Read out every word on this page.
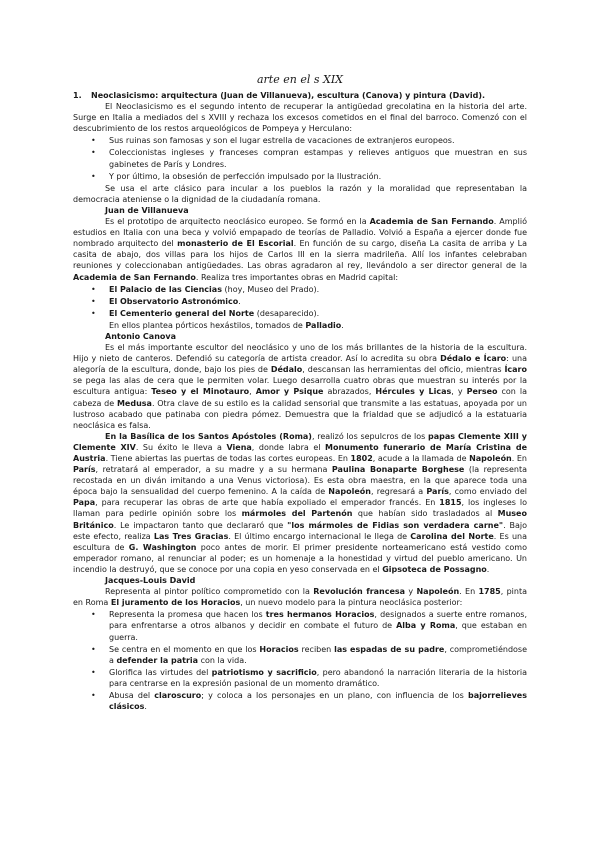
arte en el s XIX

1. Neoclasicismo: arquitectura (Juan de Villanueva), escultura (Canova) y pintura (David).

El Neoclasicismo es el segundo intento de recuperar la antigüedad grecolatina en la historia del arte. Surge en Italia a mediados del s XVIII y rechaza los excesos cometidos en el final del barroco. Comenzó con el descubrimiento de los restos arqueológicos de Pompeya y Herculano:

• Sus ruinas son famosas y son el lugar estrella de vacaciones de extranjeros europeos.
• Coleccionistas ingleses y franceses compran estampas y relieves antiguos que muestran en sus gabinetes de París y Londres.
• Y por último, la obsesión de perfección impulsado por la Ilustración.

Se usa el arte clásico para incular a los pueblos la razón y la moralidad que representaban la democracia ateniense o la dignidad de la ciudadanía romana.

Juan de Villanueva

Es el prototipo de arquitecto neoclásico europeo. Se formó en la Academia de San Fernando. Amplió estudios en Italia con una beca y volvió empapado de teorías de Palladio. Volvió a España a ejercer donde fue nombrado arquitecto del monasterio de El Escorial. En función de su cargo, diseña La casita de arriba y La casita de abajo, dos villas para los hijos de Carlos III en la sierra madrileña. Allí los infantes celebraban reuniones y coleccionaban antigüedades. Las obras agradaron al rey, llevándolo a ser director general de la Academia de San Fernando. Realiza tres importantes obras en Madrid capital:

• El Palacio de las Ciencias (hoy, Museo del Prado).
• El Observatorio Astronómico.
• El Cementerio general del Norte (desaparecido).

En ellos plantea pórticos hexástilos, tomados de Palladio.

Antonio Canova

Es el más importante escultor del neoclásico y uno de los más brillantes de la historia de la escultura. Hijo y nieto de canteros. Defendió su categoría de artista creador. Así lo acredita su obra Dédalo e Ícaro: una alegoría de la escultura, donde, bajo los pies de Dédalo, descansan las herramientas del oficio, mientras Ícaro se pega las alas de cera que le permiten volar. Luego desarrolla cuatro obras que muestran su interés por la escultura antigua: Teseo y el Minotauro, Amor y Psique abrazados, Hércules y Licas, y Perseo con la cabeza de Medusa. Otra clave de su estilo es la calidad sensorial que transmite a las estatuas, apoyada por un lustroso acabado que patinaba con piedra pómez. Demuestra que la frialdad que se adjudicó a la estatuaria neoclásica es falsa.

En la Basílica de los Santos Apóstoles (Roma), realizó los sepulcros de los papas Clemente XIII y Clemente XIV. Su éxito le lleva a Viena, donde labra el Monumento funerario de María Cristina de Austria. Tiene abiertas las puertas de todas las cortes europeas. En 1802, acude a la llamada de Napoleón. En París, retratará al emperador, a su madre y a su hermana Paulina Bonaparte Borghese (la representa recostada en un diván imitando a una Venus victoriosa). Es esta obra maestra, en la que aparece toda una época bajo la sensualidad del cuerpo femenino. A la caída de Napoleón, regresará a París, como enviado del Papa, para recuperar las obras de arte que había expoliado el emperador francés. En 1815, los ingleses lo llaman para pedirle opinión sobre los mármoles del Partenón que habían sido trasladados al Museo Británico. Le impactaron tanto que declararó que "los mármoles de Fidias son verdadera carne". Bajo este efecto, realiza Las Tres Gracias. El último encargo internacional le llega de Carolina del Norte. Es una escultura de G. Washington poco antes de morir. El primer presidente norteamericano está vestido como emperador romano, al renunciar al poder; es un homenaje a la honestidad y virtud del pueblo americano. Un incendio la destruyó, que se conoce por una copia en yeso conservada en el Gipsoteca de Possagno.

Jacques-Louis David

Representa al pintor político comprometido con la Revolución francesa y Napoleón. En 1785, pinta en Roma El juramento de los Horacios, un nuevo modelo para la pintura neoclásica posterior:

• Representa la promesa que hacen los tres hermanos Horacios, designados a suerte entre romanos, para enfrentarse a otros albanos y decidir en combate el futuro de Alba y Roma, que estaban en guerra.
• Se centra en el momento en que los Horacios reciben las espadas de su padre, comprometiéndose a defender la patria con la vida.
• Glorifica las virtudes del patriotismo y sacrificio, pero abandonó la narración literaria de la historia para centrarse en la expresión pasional de un momento dramático.
• Abusa del claroscuro; y coloca a los personajes en un plano, con influencia de los bajorrelieves clásicos.
